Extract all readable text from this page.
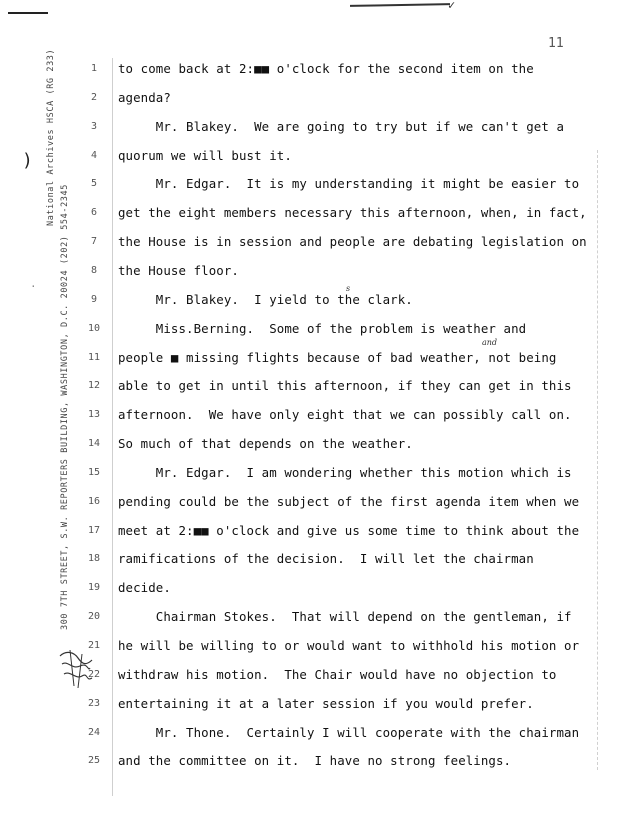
✓
National Archives HSCA (RG 233)
300 7TH STREET, S.W. REPORTERS BUILDING, WASHINGTON, D.C. 20024 (202) 554-2345
)
·
11
1	to come back at 2:■■ o'clock for the second item on the
2	agenda?
3	Mr. Blakey.  We are going to try but if we can't get a
4	quorum we will bust it.
5	Mr. Edgar.  It is my understanding it might be easier to
6	get the eight members necessary this afternoon, when, in fact,
7	the House is in session and people are debating legislation on
8	the House floor.
9	Mr. Blakey.  I yield to the clark.
10	Miss.Berning.  Some of the problem is weather and
11	people ■ missing flights because of bad weather, not being
12	able to get in until this afternoon, if they can get in this
13	afternoon.  We have only eight that we can possibly call on.
14	So much of that depends on the weather.
15	Mr. Edgar.  I am wondering whether this motion which is
16	pending could be the subject of the first agenda item when we
17	meet at 2:■■ o'clock and give us some time to think about the
18	ramifications of the decision.  I will let the chairman
19	decide.
20	Chairman Stokes.  That will depend on the gentleman, if
21	he will be willing to or would want to withhold his motion or
22	withdraw his motion.  The Chair would have no objection to
23	entertaining it at a later session if you would prefer.
24	Mr. Thone.  Certainly I will cooperate with the chairman
25	and the committee on it.  I have no strong feelings.
s
and
